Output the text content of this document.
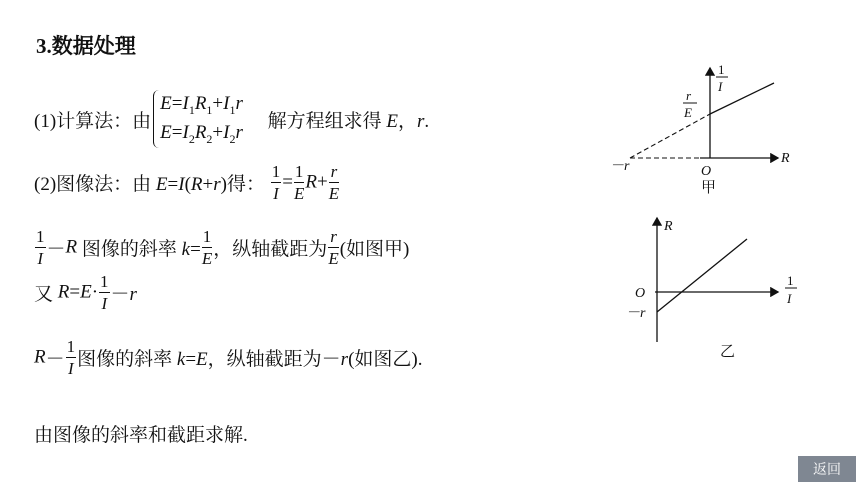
3.数据处理
(1)计算法：由
$E=I_1R_1+I_1r$
$E=I_2R_2+I_2r$
解方程组求得 E，r.
(2)图像法：由 E=I(R+r)得： $\frac{1}{I} = \frac{1}{E} R+ \frac{r}{E}$
$\frac{1}{I} -R$ 图像的斜率 $k= \frac{1}{E}$ ，纵轴截距为 $\frac{r}{E}$ (如图甲)
又 $R=E\cdot \frac{1}{I} -r$
$R- \frac{1}{I}$ 图像的斜率 k=E，纵轴截距为－r(如图乙).
由图像的斜率和截距求解.
1
I
r
E
R
O
－r
甲
R
1
I
O
－r
乙
返回
